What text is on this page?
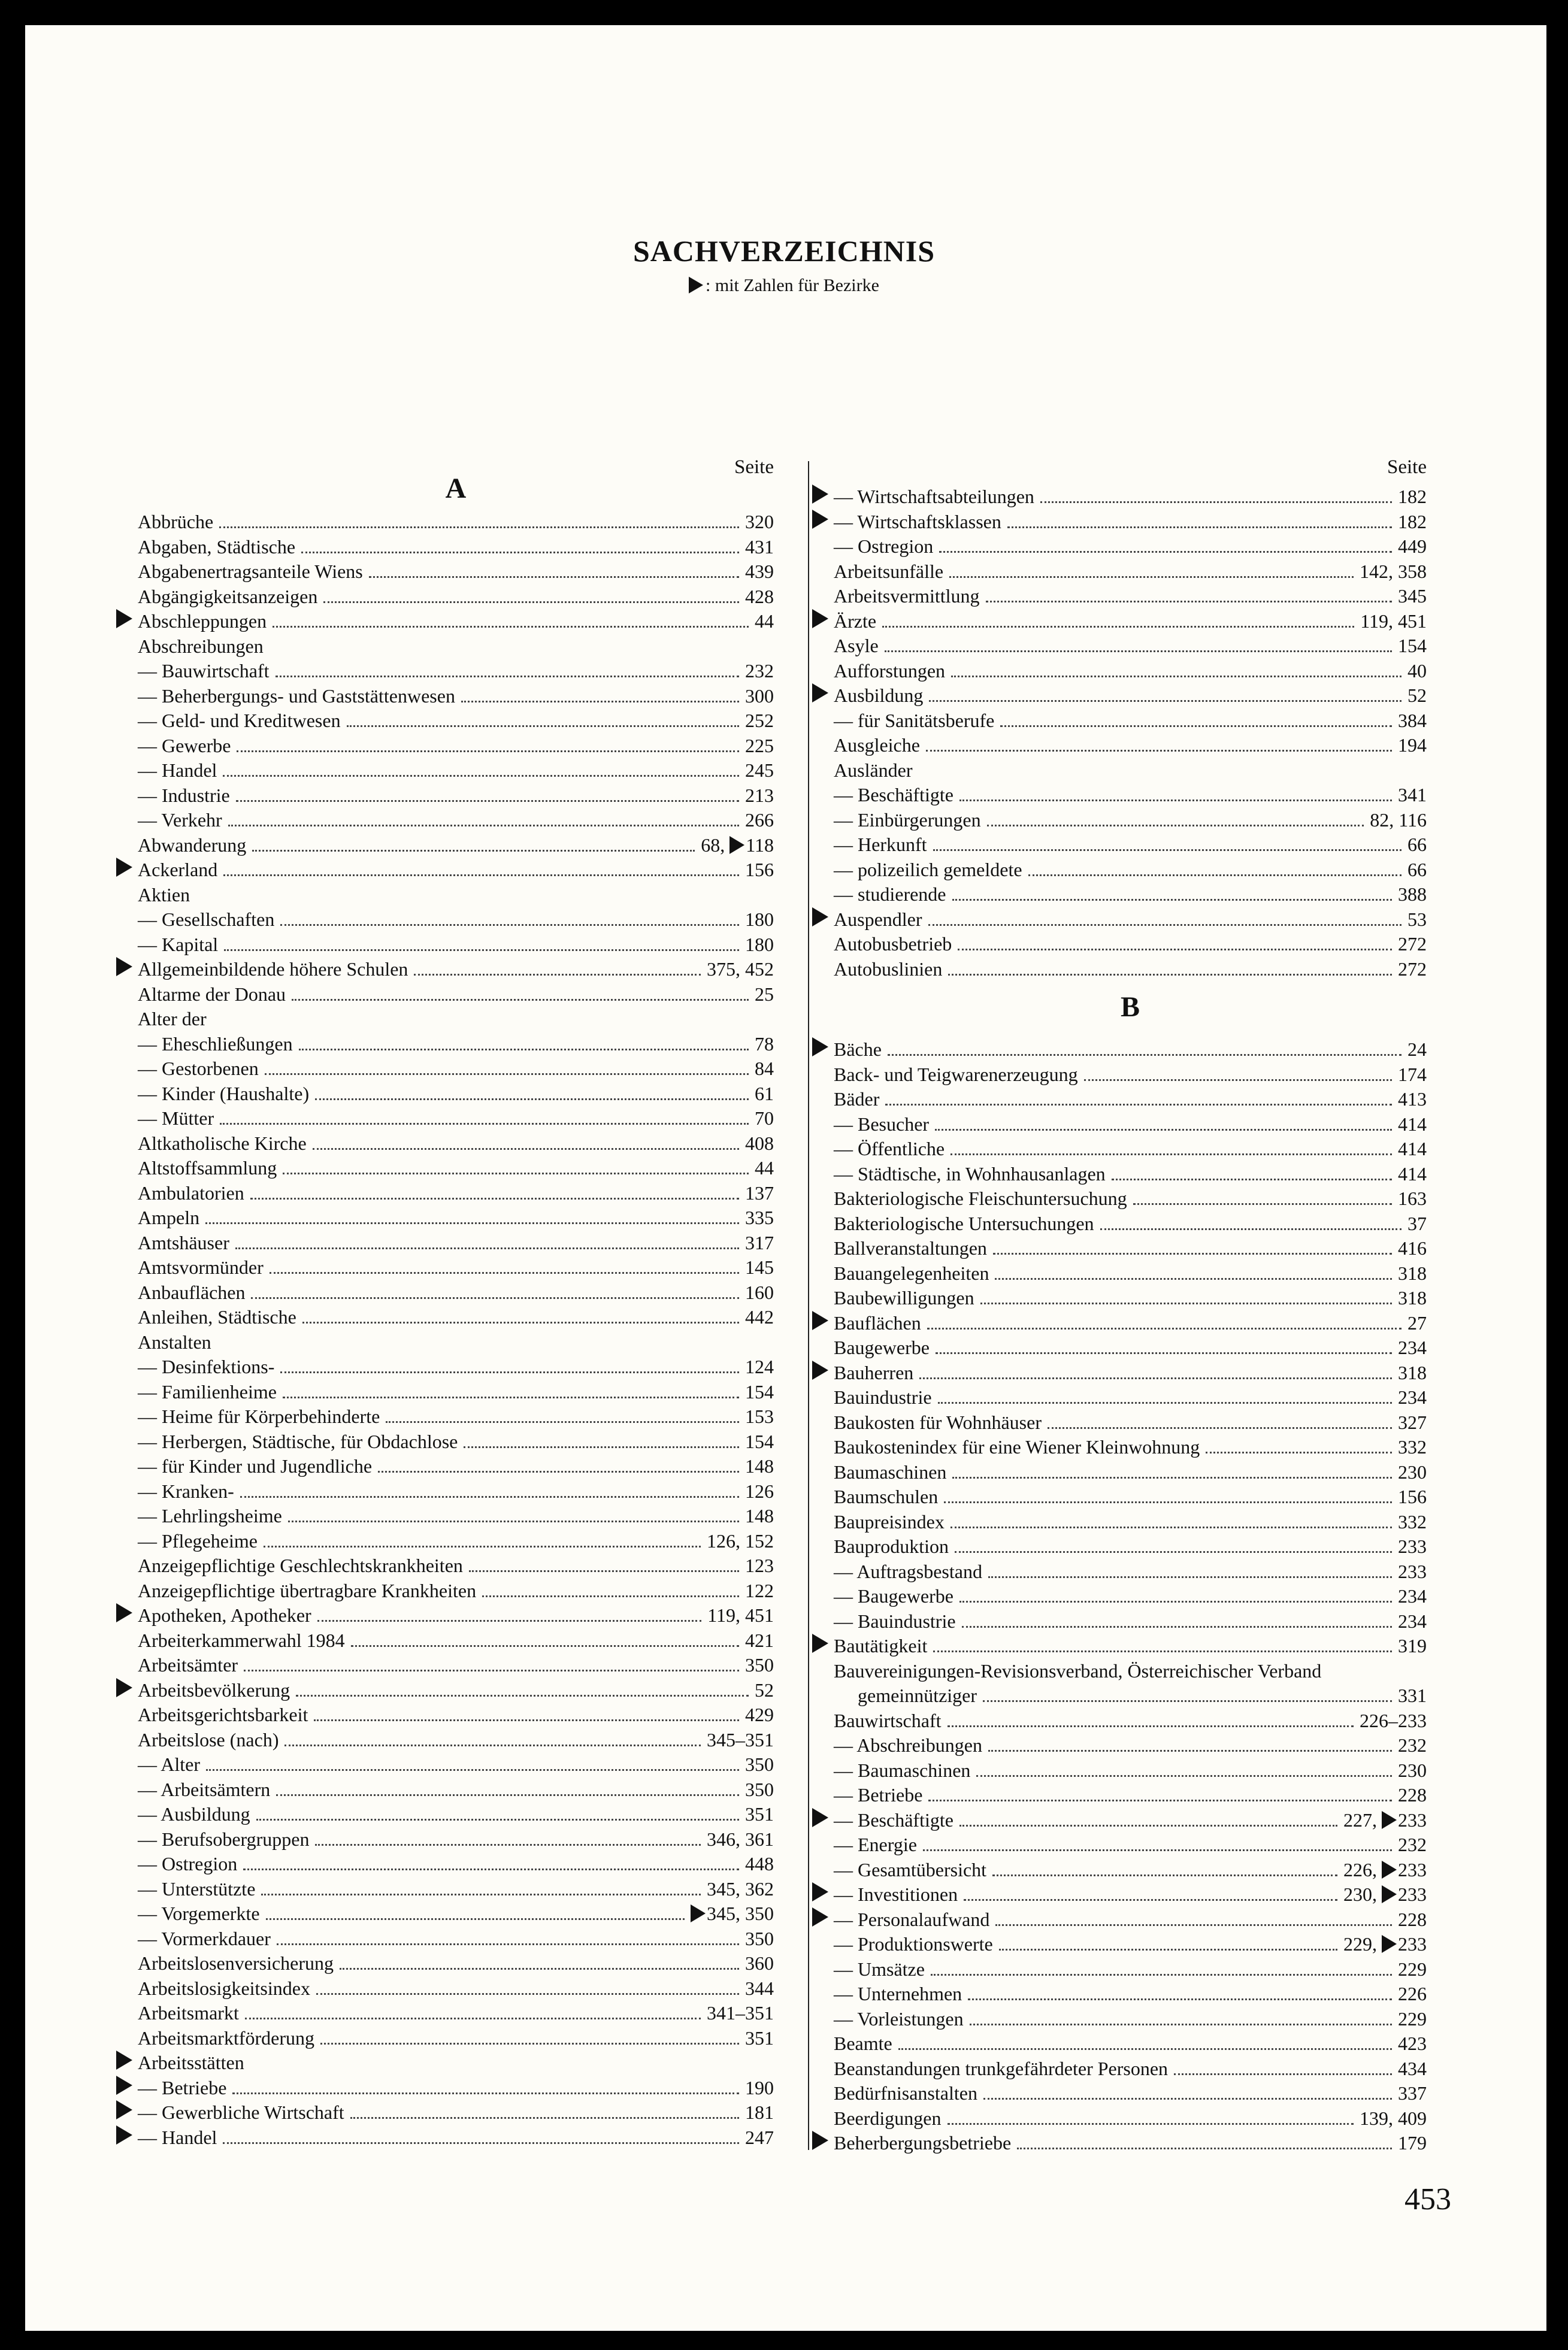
SACHVERZEICHNIS
: mit Zahlen für Bezirke
Seite
A
Abbrüche	320
Abgaben, Städtische	431
Abgabenertragsanteile Wiens	439
Abgängigkeitsanzeigen	428
Abschleppungen	44
Abschreibungen
— Bauwirtschaft	232
— Beherbergungs- und Gaststättenwesen	300
— Geld- und Kreditwesen	252
— Gewerbe	225
— Handel	245
— Industrie	213
— Verkehr	266
Abwanderung	68, 118
Ackerland	156
Aktien
— Gesellschaften	180
— Kapital	180
Allgemeinbildende höhere Schulen	375, 452
Altarme der Donau	25
Alter der
— Eheschließungen	78
— Gestorbenen	84
— Kinder (Haushalte)	61
— Mütter	70
Altkatholische Kirche	408
Altstoffsammlung	44
Ambulatorien	137
Ampeln	335
Amtshäuser	317
Amtsvormünder	145
Anbauflächen	160
Anleihen, Städtische	442
Anstalten
— Desinfektions-	124
— Familienheime	154
— Heime für Körperbehinderte	153
— Herbergen, Städtische, für Obdachlose	154
— für Kinder und Jugendliche	148
— Kranken-	126
— Lehrlingsheime	148
— Pflegeheime	126, 152
Anzeigepflichtige Geschlechtskrankheiten	123
Anzeigepflichtige übertragbare Krankheiten	122
Apotheken, Apotheker	119, 451
Arbeiterkammerwahl 1984	421
Arbeitsämter	350
Arbeitsbevölkerung	52
Arbeitsgerichtsbarkeit	429
Arbeitslose (nach)	345–351
— Alter	350
— Arbeitsämtern	350
— Ausbildung	351
— Berufsobergruppen	346, 361
— Ostregion	448
— Unterstützte	345, 362
— Vorgemerkte	345, 350
— Vormerkdauer	350
Arbeitslosenversicherung	360
Arbeitslosigkeitsindex	344
Arbeitsmarkt	341–351
Arbeitsmarktförderung	351
Arbeitsstätten
— Betriebe	190
— Gewerbliche Wirtschaft	181
— Handel	247
Seite
— Wirtschaftsabteilungen	182
— Wirtschaftsklassen	182
— Ostregion	449
Arbeitsunfälle	142, 358
Arbeitsvermittlung	345
Ärzte	119, 451
Asyle	154
Aufforstungen	40
Ausbildung	52
— für Sanitätsberufe	384
Ausgleiche	194
Ausländer
— Beschäftigte	341
— Einbürgerungen	82, 116
— Herkunft	66
— polizeilich gemeldete	66
— studierende	388
Auspendler	53
Autobusbetrieb	272
Autobuslinien	272
B
Bäche	24
Back- und Teigwarenerzeugung	174
Bäder	413
— Besucher	414
— Öffentliche	414
— Städtische, in Wohnhausanlagen	414
Bakteriologische Fleischuntersuchung	163
Bakteriologische Untersuchungen	37
Ballveranstaltungen	416
Bauangelegenheiten	318
Baubewilligungen	318
Bauflächen	27
Baugewerbe	234
Bauherren	318
Bauindustrie	234
Baukosten für Wohnhäuser	327
Baukostenindex für eine Wiener Kleinwohnung	332
Baumaschinen	230
Baumschulen	156
Baupreisindex	332
Bauproduktion	233
— Auftragsbestand	233
— Baugewerbe	234
— Bauindustrie	234
Bautätigkeit	319
Bauvereinigungen-Revisionsverband, Österreichischer Verband
gemeinnütziger	331
Bauwirtschaft	226–233
— Abschreibungen	232
— Baumaschinen	230
— Betriebe	228
— Beschäftigte	227, 233
— Energie	232
— Gesamtübersicht	226, 233
— Investitionen	230, 233
— Personalaufwand	228
— Produktionswerte	229, 233
— Umsätze	229
— Unternehmen	226
— Vorleistungen	229
Beamte	423
Beanstandungen trunkgefährdeter Personen	434
Bedürfnisanstalten	337
Beerdigungen	139, 409
Beherbergungsbetriebe	179
453
